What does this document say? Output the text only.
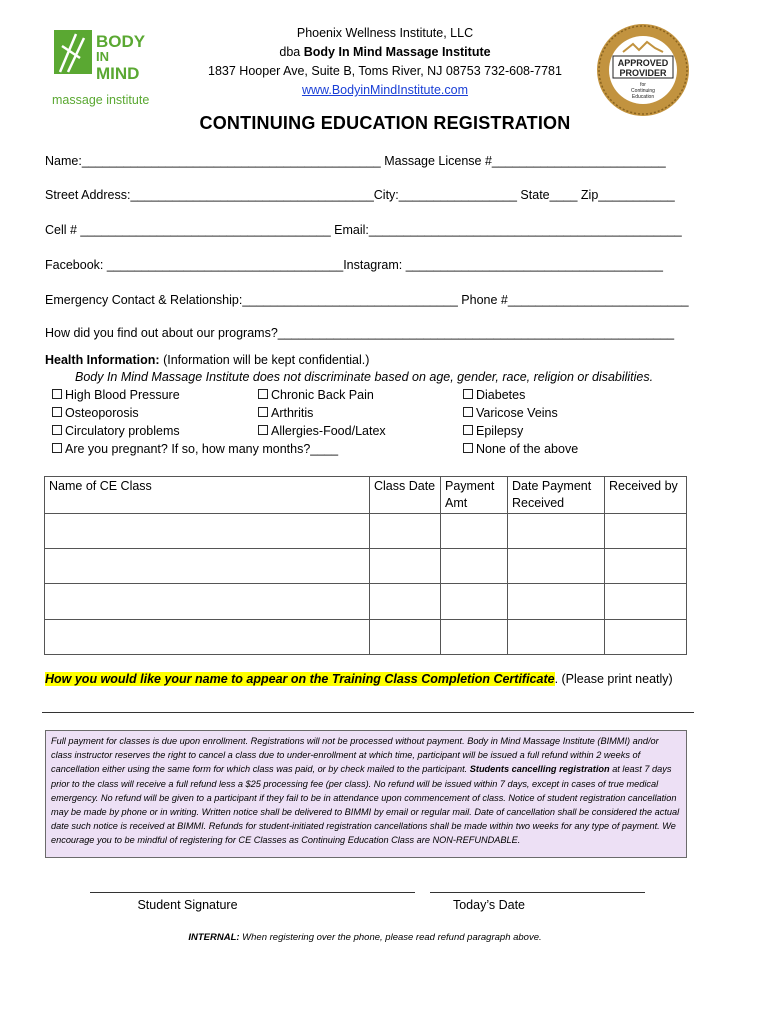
BODY
IN
MIND
massage institute
Phoenix Wellness Institute, LLC
dba Body In Mind Massage Institute
1837 Hooper Ave, Suite B, Toms River, NJ 08753 732-608-7781
www.BodyinMindInstitute.com
APPROVED
PROVIDER
for
Continuing
Education
CONTINUING EDUCATION REGISTRATION
Name:___________________________________________ Massage License #_________________________
Street Address:___________________________________City:_________________ State____ Zip___________
Cell # ____________________________________ Email:_____________________________________________
Facebook: __________________________________Instagram: _____________________________________
Emergency Contact & Relationship:_______________________________ Phone #__________________________
How did you find out about our programs?_________________________________________________________
Health Information: (Information will be kept confidential.)
Body In Mind Massage Institute does not discriminate based on age, gender, race, religion or disabilities.
High Blood Pressure
Osteoporosis
Circulatory problems
Are you pregnant? If so, how many months?____
Chronic Back Pain
Arthritis
Allergies-Food/Latex
Diabetes
Varicose Veins
Epilepsy
None of the above
Name of CE Class	Class Date	Payment Amt	Date Payment Received	Received by

How you would like your name to appear on the Training Class Completion Certificate. (Please print neatly)
Full payment for classes is due upon enrollment. Registrations will not be processed without payment. Body in Mind Massage Institute (BIMMI) and/or class instructor reserves the right to cancel a class due to under-enrollment at which time, participant will be issued a full refund within 2 weeks of cancellation either using the same form for which class was paid, or by check mailed to the participant. Students cancelling registration at least 7 days prior to the class will receive a full refund less a $25 processing fee (per class). No refund will be issued within 7 days, except in cases of true medical emergency. No refund will be given to a participant if they fail to be in attendance upon commencement of class. Notice of student registration cancellation may be made by phone or in writing. Written notice shall be delivered to BIMMI by email or regular mail. Date of cancellation shall be considered the actual date such notice is received at BIMMI. Refunds for student-initiated registration cancellations shall be made within two weeks for any type of payment. We encourage you to be mindful of registering for CE Classes as Continuing Education Class are NON-REFUNDABLE.
Student Signature	Today’s Date
INTERNAL: When registering over the phone, please read refund paragraph above.
